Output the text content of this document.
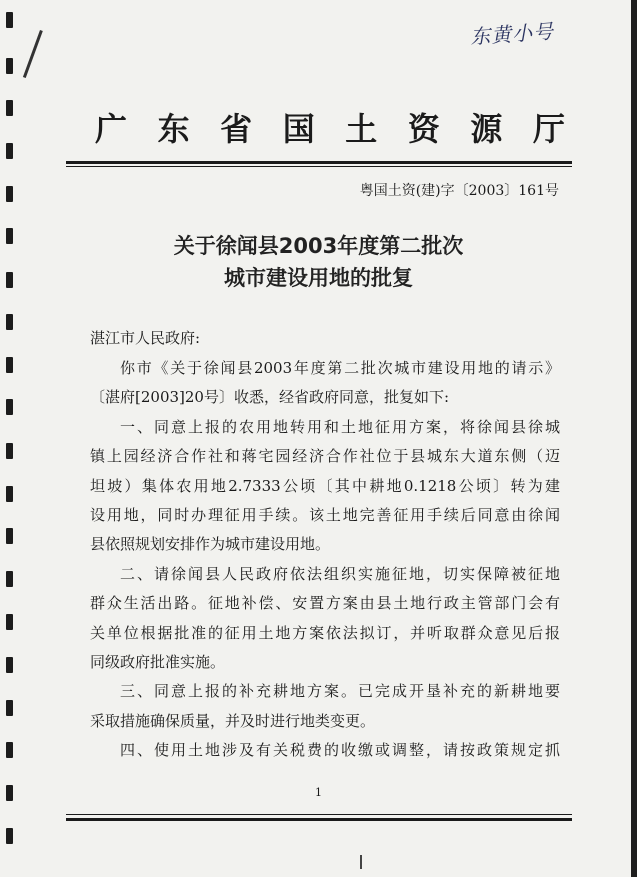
东黄小号
广 东 省 国 土 资 源 厅
粤国土资(建)字〔2003〕161号
关于徐闻县2003年度第二批次
城市建设用地的批复
湛江市人民政府:
你市《关于徐闻县2003年度第二批次城市建设用地的请示》
〔湛府[2003]20号〕收悉，经省政府同意，批复如下:
一、同意上报的农用地转用和土地征用方案，将徐闻县徐城
镇上园经济合作社和蒋宅园经济合作社位于县城东大道东侧（迈
坦坡）集体农用地2.7333公顷〔其中耕地0.1218公顷〕转为建
设用地，同时办理征用手续。该土地完善征用手续后同意由徐闻
县依照规划安排作为城市建设用地。
二、请徐闻县人民政府依法组织实施征地，切实保障被征地
群众生活出路。征地补偿、安置方案由县土地行政主管部门会有
关单位根据批准的征用土地方案依法拟订，并听取群众意见后报
同级政府批准实施。
三、同意上报的补充耕地方案。已完成开垦补充的新耕地要
采取措施确保质量，并及时进行地类变更。
四、使用土地涉及有关税费的收缴或调整，请按政策规定抓
1
